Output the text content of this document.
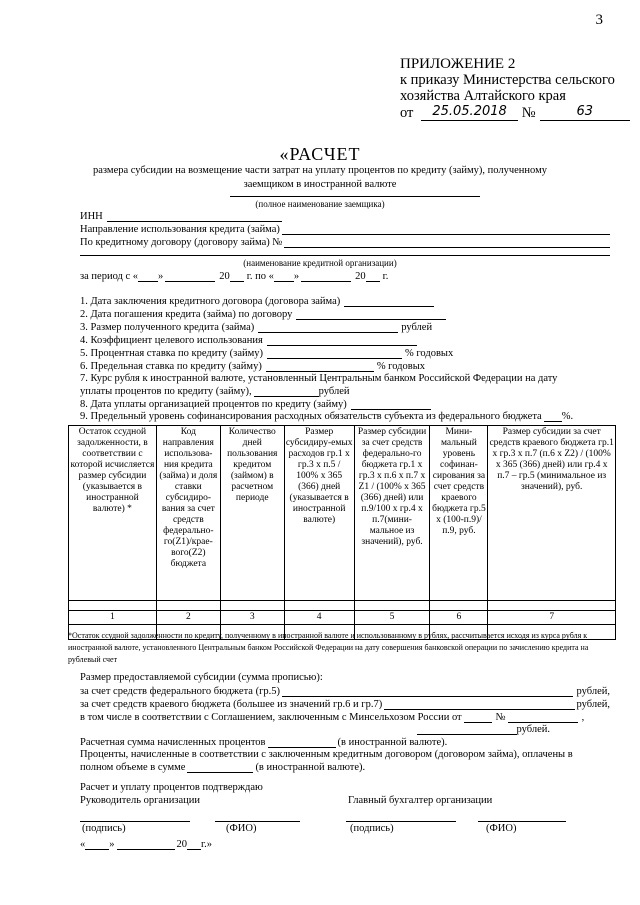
3
ПРИЛОЖЕНИЕ 2
к приказу Министерства сельского
хозяйства Алтайского края
от	25.05.2018	№	63
«РАСЧЕТ
размера субсидии на возмещение части затрат на уплату процентов по кредиту (займу), полученному
заемщиком в иностранной валюте
(полное наименование заемщика)
ИНН
Направление использования кредита (займа)
По кредитному договору (договору займа) №
(наименование кредитной организации)
за период с « »	20 г. по « »	20 г.
1. Дата заключения кредитного договора (договора займа)
2. Дата погашения кредита (займа) по договору
3. Размер полученного кредита (займа)	рублей
4. Коэффициент целевого использования
5. Процентная ставка по кредиту (займу)	% годовых
6. Предельная ставка по кредиту (займу)	% годовых
7. Курс рубля к иностранной валюте, установленный Центральным банком Российской Федерации на дату
уплаты процентов по кредиту (займу),	рублей
8. Дата уплаты организацией процентов по кредиту (займу)
9. Предельный уровень софинансирования расходных обязательств субъекта из федерального бюджета %.
Остаток ссудной задолженности, в соответствии с которой исчисляется размер субсидии (указывается в иностранной валюте) *	Код направления использова-ния кредита (займа) и доля ставки субсидиро-вания за счет средств федерально-го(Z1)/крае-вого(Z2) бюджета	Количество дней пользования кредитом (займом) в расчетном периоде	Размер субсидиру-емых расходов гр.1 х гр.3 х п.5 / 100% х 365 (366) дней (указывается в иностранной валюте)	Размер субсидии за счет средств федерально-го бюджета гр.1 х гр.3 х п.6 х п.7 х Z1 / (100% х 365 (366) дней) или п.9/100 х гр.4 х п.7(мини-мальное из значений), руб.	Мини-мальный уровень софинан-сирования за счет средств краевого бюджета гр.5 х (100-п.9)/п.9, руб.	Размер субсидии за счет средств краевого бюджета гр.1 х гр.3 х п.7 (п.6 х Z2) / (100% х 365 (366) дней) или гр.4 х п.7 – гр.5 (минимальное из значений), руб.

1	2	3	4	5	6	7

*Остаток ссудной задолженности по кредиту, полученному в иностранной валюте и использованному в рублях, рассчитывается исходя из курса рубля к иностранной валюте, установленного Центральным банком Российской Федерации на дату совершения банковской операции по зачислению кредита на рублевый счет
Размер предоставляемой субсидии (сумма прописью):
за счет средств федерального бюджета (гр.5)	рублей,
за счет средств краевого бюджета (большее из значений гр.6 и гр.7)	рублей,
в том числе в соответствии с Соглашением, заключенным с Минсельхозом России от	№	,
рублей.
Расчетная сумма начисленных процентов	(в иностранной валюте).
Проценты, начисленные в соответствии с заключенным кредитным договором (договором займа), оплачены в
полном объеме в сумме	(в иностранной валюте).
Расчет и уплату процентов подтверждаю
Руководитель организации	Главный бухгалтер организации
(подпись)	(ФИО)	(подпись)	(ФИО)
« »	20 г.»
